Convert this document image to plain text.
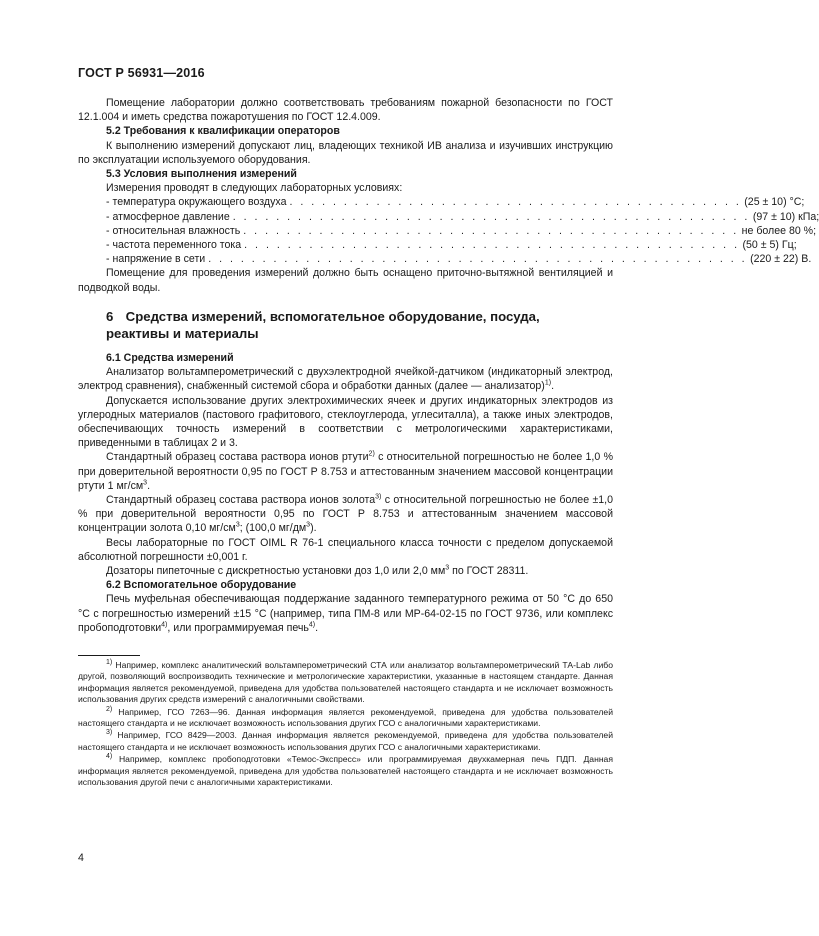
ГОСТ Р 56931—2016

Помещение лаборатории должно соответствовать требованиям пожарной безопасности по ГОСТ 12.1.004 и иметь средства пожаротушения по ГОСТ 12.4.009.

5.2 Требования к квалификации операторов

К выполнению измерений допускают лиц, владеющих техникой ИВ анализа и изучивших инструкцию по эксплуатации используемого оборудования.

5.3 Условия выполнения измерений

Измерения проводят в следующих лабораторных условиях:

- температура окружающего воздуха . . . . . . . . . . . . . . . . . . . . . . . . . . . . . . . . . . . . . . . . . . (25 ± 10) °C;
- атмосферное давление . . . . . . . . . . . . . . . . . . . . . . . . . . . . . . . . . . . . . . . . . . . . . . . . (97 ± 10) кПа;
- относительная влажность . . . . . . . . . . . . . . . . . . . . . . . . . . . . . . . . . . . . . . . . . . . . . . не более 80 %;
- частота переменного тока . . . . . . . . . . . . . . . . . . . . . . . . . . . . . . . . . . . . . . . . . . . . . . (50 ± 5) Гц;
- напряжение в сети . . . . . . . . . . . . . . . . . . . . . . . . . . . . . . . . . . . . . . . . . . . . . . . . . . (220 ± 22) В.

Помещение для проведения измерений должно быть оснащено приточно-вытяжной вентиляцией и подводкой воды.

6 Средства измерений, вспомогательное оборудование, посуда,
реактивы и материалы

6.1 Средства измерений

Анализатор вольтамперометрический с двухэлектродной ячейкой-датчиком (индикаторный электрод, электрод сравнения), снабженный системой сбора и обработки данных (далее — анализатор)$^{1)}$.

Допускается использование других электрохимических ячеек и других индикаторных электродов из углеродных материалов (пастового графитового, стеклоуглерода, углеситалла), а также иных электродов, обеспечивающих точность измерений в соответствии с метрологическими характеристиками, приведенными в таблицах 2 и 3.

Стандартный образец состава раствора ионов ртути$^{2)}$ с относительной погрешностью не более 1,0 % при доверительной вероятности 0,95 по ГОСТ Р 8.753 и аттестованным значением массовой концентрации ртути 1 $мг/см^3$.

Стандартный образец состава раствора ионов золота$^{3)}$ с относительной погрешностью не более ±1,0 % при доверительной вероятности 0,95 по ГОСТ Р 8.753 и аттестованным значением массовой концентрации золота 0,10 $мг/см^3$; (100,0 $мг/дм^3$).

Весы лабораторные по ГОСТ OIML R 76-1 специального класса точности с пределом допускаемой абсолютной погрешности ±0,001 г.

Дозаторы пипеточные с дискретностью установки доз 1,0 или 2,0 $мм^3$ по ГОСТ 28311.

6.2 Вспомогательное оборудование

Печь муфельная обеспечивающая поддержание заданного температурного режима от 50 °C до 650 °C с погрешностью измерений ±15 °C (например, типа ПМ-8 или МР-64-02-15 по ГОСТ 9736, или комплекс пробоподготовки$^{4)}$, или программируемая печь$^{4)}$.

$^{1)}$ Например, комплекс аналитический вольтамперометрический СТА или анализатор вольтамперометрический ТА-Lab либо другой, позволяющий воспроизводить технические и метрологические характеристики, указанные в настоящем стандарте. Данная информация является рекомендуемой, приведена для удобства пользователей настоящего стандарта и не исключает возможность использования других средств измерений с аналогичными свойствами.

$^{2)}$ Например, ГСО 7263—96. Данная информация является рекомендуемой, приведена для удобства пользователей настоящего стандарта и не исключает возможность использования других ГСО с аналогичными характеристиками.

$^{3)}$ Например, ГСО 8429—2003. Данная информация является рекомендуемой, приведена для удобства пользователей настоящего стандарта и не исключает возможность использования других ГСО с аналогичными характеристиками.

$^{4)}$ Например, комплекс пробоподготовки «Темос-Экспресс» или программируемая двухкамерная печь ПДП. Данная информация является рекомендуемой, приведена для удобства пользователей настоящего стандарта и не исключает возможность использования другой печи с аналогичными характеристиками.

4
